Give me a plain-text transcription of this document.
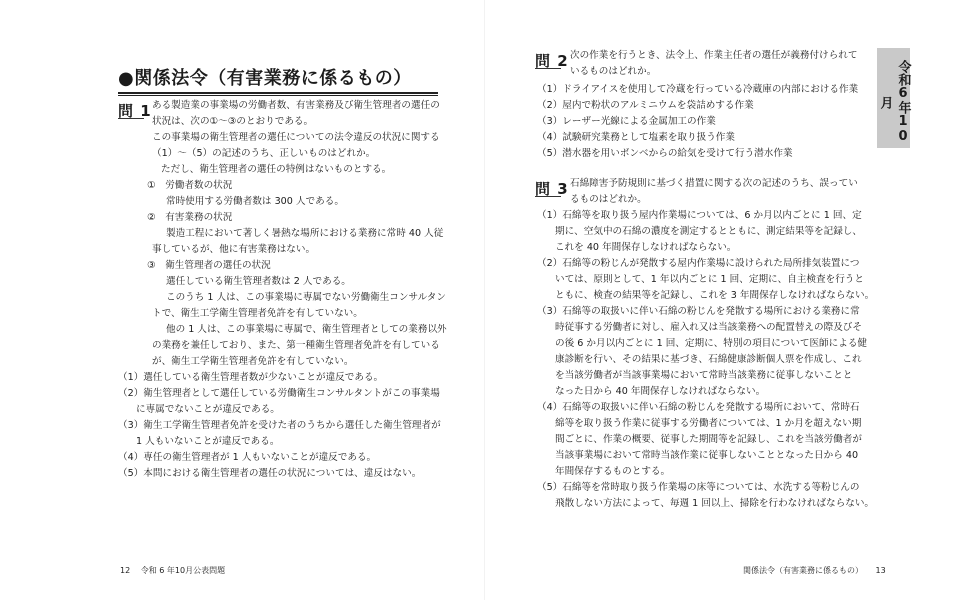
●関係法令（有害業務に係るもの）
問 1 ある製造業の事業場の労働者数、有害業務及び衛生管理者の選任の
状況は、次の①～③のとおりである。
この事業場の衛生管理者の選任についての法令違反の状況に関する
（1）～（5）の記述のうち、正しいものはどれか。
ただし、衛生管理者の選任の特例はないものとする。
①　労働者数の状況
常時使用する労働者数は 300 人である。
②　有害業務の状況
製造工程において著しく暑熱な場所における業務に常時 40 人従
事しているが、他に有害業務はない。
③　衛生管理者の選任の状況
選任している衛生管理者数は 2 人である。
このうち 1 人は、この事業場に専属でない労働衛生コンサルタン
トで、衛生工学衛生管理者免許を有していない。
他の 1 人は、この事業場に専属で、衛生管理者としての業務以外
の業務を兼任しており、また、第一種衛生管理者免許を有している
が、衛生工学衛生管理者免許を有していない。
（1）選任している衛生管理者数が少ないことが違反である。
（2）衛生管理者として選任している労働衛生コンサルタントがこの事業場
に専属でないことが違反である。
（3）衛生工学衛生管理者免許を受けた者のうちから選任した衛生管理者が
1 人もいないことが違反である。
（4）専任の衛生管理者が 1 人もいないことが違反である。
（5）本問における衛生管理者の選任の状況については、違反はない。
12 令和 6 年10月公表問題
問 2 次の作業を行うとき、法令上、作業主任者の選任が義務付けられて
いるものはどれか。
（1）ドライアイスを使用して冷蔵を行っている冷蔵庫の内部における作業
（2）屋内で粉状のアルミニウムを袋詰めする作業
（3）レーザー光線による金属加工の作業
（4）試験研究業務として塩素を取り扱う作業
（5）潜水器を用いボンベからの給気を受けて行う潜水作業
問 3 石綿障害予防規則に基づく措置に関する次の記述のうち、誤ってい
るものはどれか。
（1）石綿等を取り扱う屋内作業場については、6 か月以内ごとに 1 回、定
期に、空気中の石綿の濃度を測定するとともに、測定結果等を記録し、
これを 40 年間保存しなければならない。
（2）石綿等の粉じんが発散する屋内作業場に設けられた局所排気装置につ
いては、原則として、1 年以内ごとに 1 回、定期に、自主検査を行うと
ともに、検査の結果等を記録し、これを 3 年間保存しなければならない。
（3）石綿等の取扱いに伴い石綿の粉じんを発散する場所における業務に常
時従事する労働者に対し、雇入れ又は当該業務への配置替えの際及びそ
の後 6 か月以内ごとに 1 回、定期に、特別の項目について医師による健
康診断を行い、その結果に基づき、石綿健康診断個人票を作成し、これ
を当該労働者が当該事業場において常時当該業務に従事しないことと
なった日から 40 年間保存しなければならない。
（4）石綿等の取扱いに伴い石綿の粉じんを発散する場所において、常時石
綿等を取り扱う作業に従事する労働者については、1 か月を超えない期
間ごとに、作業の概要、従事した期間等を記録し、これを当該労働者が
当該事業場において常時当該作業に従事しないこととなった日から 40
年間保存するものとする。
（5）石綿等を常時取り扱う作業場の床等については、水洗する等粉じんの
飛散しない方法によって、毎週 1 回以上、掃除を行わなければならない。
関係法令（有害業務に係るもの） 13
令和6年10月
